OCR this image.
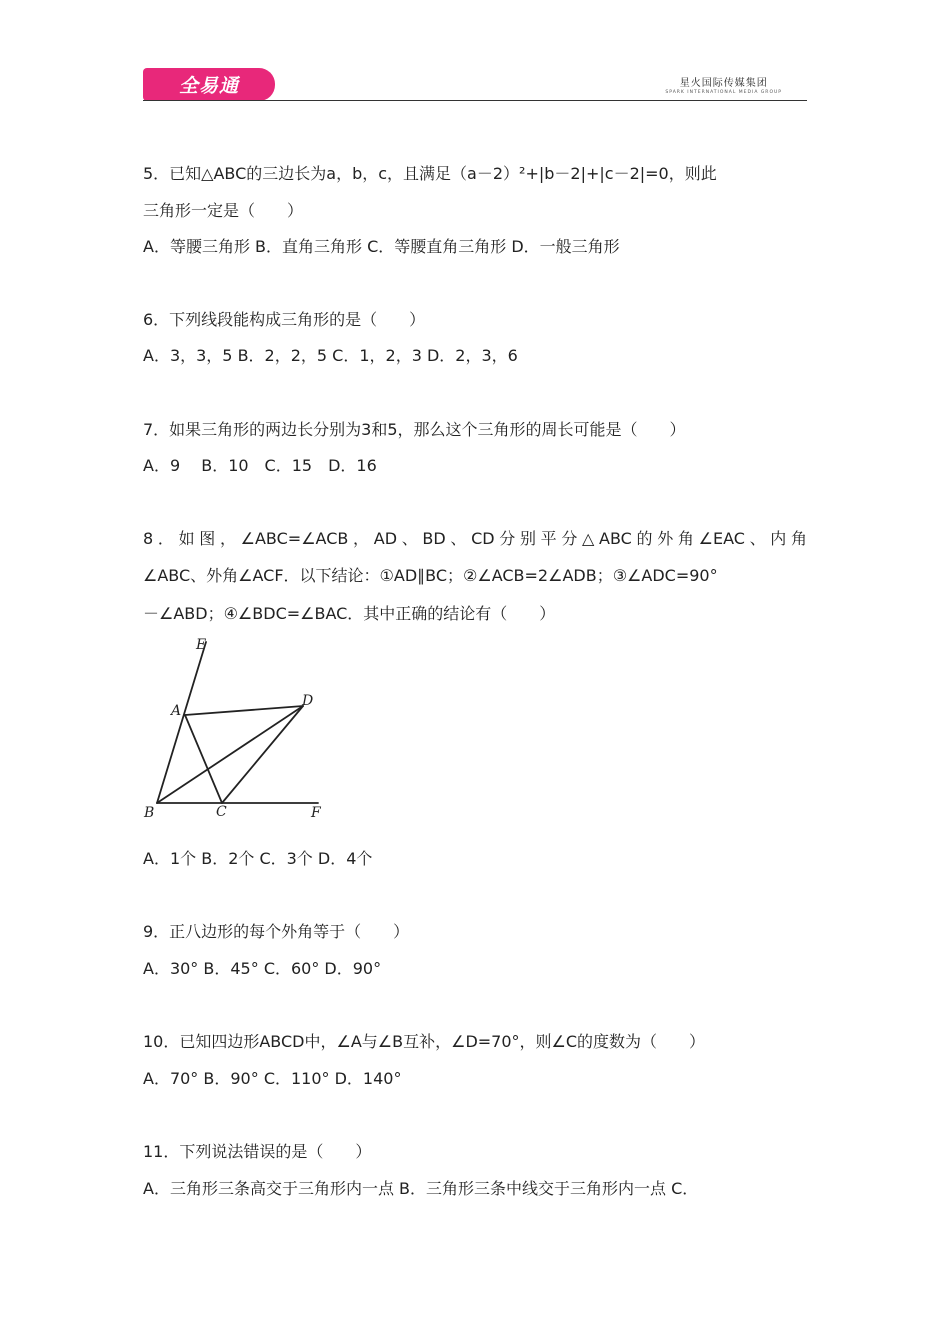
全易通	星火国际传媒集团
SPARK INTERNATIONAL MEDIA GROUP
5．已知△ABC的三边长为a，b，c，且满足（a－2）²+|b－2|+|c－2|=0，则此
三角形一定是（　　）
A．等腰三角形 B．直角三角形 C．等腰直角三角形 D．一般三角形
6．下列线段能构成三角形的是（　　）
A．3，3，5 B．2，2，5 C．1，2，3 D．2，3，6
7．如果三角形的两边长分别为3和5，那么这个三角形的周长可能是（　　）
A．9　 B．10　C．15　D．16
8．如图，∠ABC=∠ACB，AD、BD、CD分别平分△ABC的外角∠EAC、内角
∠ABC、外角∠ACF．以下结论：①AD∥BC；②∠ACB=2∠ADB；③∠ADC=90°
－∠ABD；④∠BDC=∠BAC．其中正确的结论有（　　）
A．1个 B．2个 C．3个 D．4个
9．正八边形的每个外角等于（　　）
A．30° B．45° C．60° D．90°
10．已知四边形ABCD中，∠A与∠B互补，∠D=70°，则∠C的度数为（　　）
A．70° B．90° C．110° D．140°
11．下列说法错误的是（　　）
A．三角形三条高交于三角形内一点 B．三角形三条中线交于三角形内一点 C．
E
A
D
B	C	F
